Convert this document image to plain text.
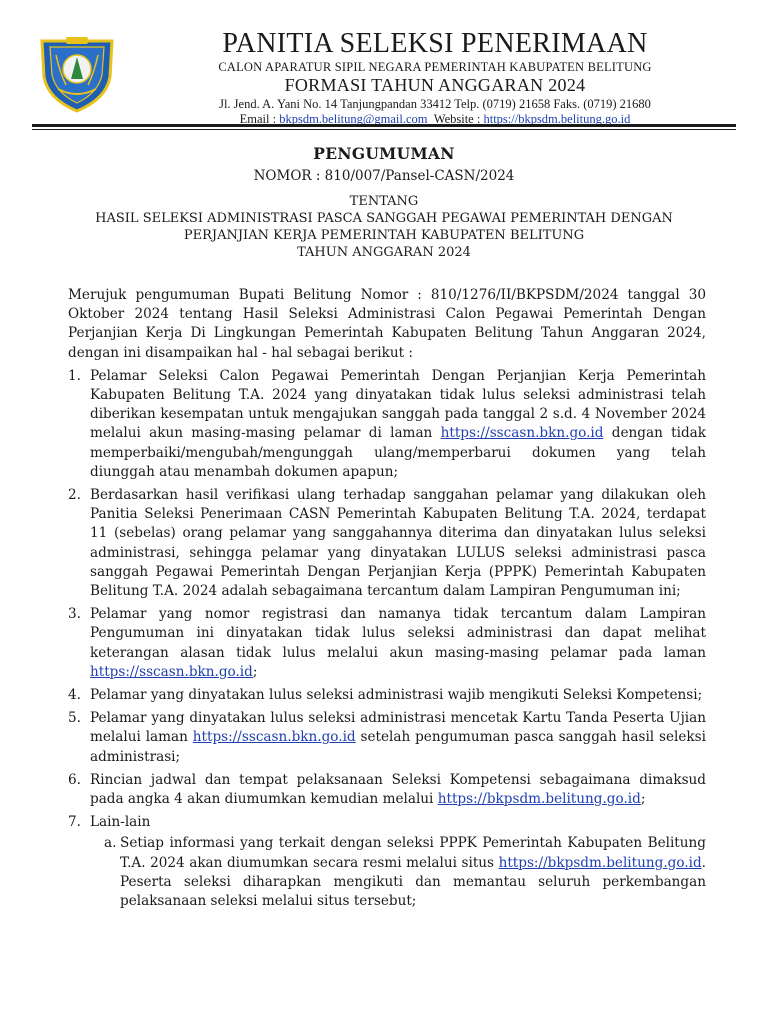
PANITIA SELEKSI PENERIMAAN
CALON APARATUR SIPIL NEGARA PEMERINTAH KABUPATEN BELITUNG
FORMASI TAHUN ANGGARAN 2024
Jl. Jend. A. Yani No. 14 Tanjungpandan 33412 Telp. (0719) 21658 Faks. (0719) 21680
Email : bkpsdm.belitung@gmail.com Website : https://bkpsdm.belitung.go.id
PENGUMUMAN
NOMOR : 810/007/Pansel-CASN/2024
TENTANG
HASIL SELEKSI ADMINISTRASI PASCA SANGGAH PEGAWAI PEMERINTAH DENGAN
PERJANJIAN KERJA PEMERINTAH KABUPATEN BELITUNG
TAHUN ANGGARAN 2024

Merujuk pengumuman Bupati Belitung Nomor : 810/1276/II/BKPSDM/2024 tanggal 30 Oktober 2024 tentang Hasil Seleksi Administrasi Calon Pegawai Pemerintah Dengan Perjanjian Kerja Di Lingkungan Pemerintah Kabupaten Belitung Tahun Anggaran 2024, dengan ini disampaikan hal - hal sebagai berikut :

1. Pelamar Seleksi Calon Pegawai Pemerintah Dengan Perjanjian Kerja Pemerintah Kabupaten Belitung T.A. 2024 yang dinyatakan tidak lulus seleksi administrasi telah diberikan kesempatan untuk mengajukan sanggah pada tanggal 2 s.d. 4 November 2024 melalui akun masing-masing pelamar di laman https://sscasn.bkn.go.id dengan tidak memperbaiki/mengubah/mengunggah ulang/memperbarui dokumen yang telah diunggah atau menambah dokumen apapun;
2. Berdasarkan hasil verifikasi ulang terhadap sanggahan pelamar yang dilakukan oleh Panitia Seleksi Penerimaan CASN Pemerintah Kabupaten Belitung T.A. 2024, terdapat 11 (sebelas) orang pelamar yang sanggahannya diterima dan dinyatakan lulus seleksi administrasi, sehingga pelamar yang dinyatakan LULUS seleksi administrasi pasca sanggah Pegawai Pemerintah Dengan Perjanjian Kerja (PPPK) Pemerintah Kabupaten Belitung T.A. 2024 adalah sebagaimana tercantum dalam Lampiran Pengumuman ini;
3. Pelamar yang nomor registrasi dan namanya tidak tercantum dalam Lampiran Pengumuman ini dinyatakan tidak lulus seleksi administrasi dan dapat melihat keterangan alasan tidak lulus melalui akun masing-masing pelamar pada laman https://sscasn.bkn.go.id;
4. Pelamar yang dinyatakan lulus seleksi administrasi wajib mengikuti Seleksi Kompetensi;
5. Pelamar yang dinyatakan lulus seleksi administrasi mencetak Kartu Tanda Peserta Ujian melalui laman https://sscasn.bkn.go.id setelah pengumuman pasca sanggah hasil seleksi administrasi;
6. Rincian jadwal dan tempat pelaksanaan Seleksi Kompetensi sebagaimana dimaksud pada angka 4 akan diumumkan kemudian melalui https://bkpsdm.belitung.go.id;
7. Lain-lain
a. Setiap informasi yang terkait dengan seleksi PPPK Pemerintah Kabupaten Belitung T.A. 2024 akan diumumkan secara resmi melalui situs https://bkpsdm.belitung.go.id. Peserta seleksi diharapkan mengikuti dan memantau seluruh perkembangan pelaksanaan seleksi melalui situs tersebut;
